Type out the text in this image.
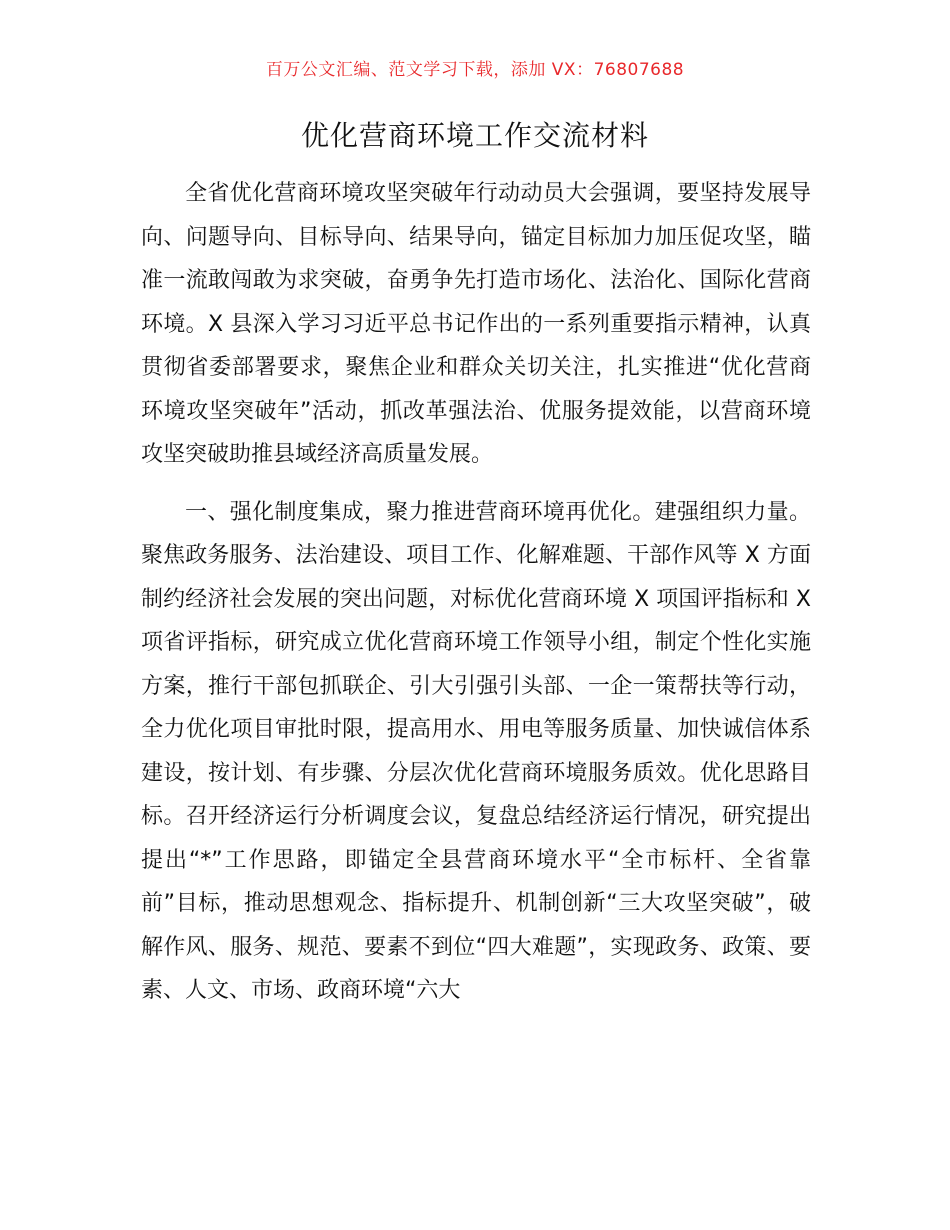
百万公文汇编、范文学习下载，添加 VX：76807688
优化营商环境工作交流材料

全省优化营商环境攻坚突破年行动动员大会强调，要坚持发展导向、问题导向、目标导向、结果导向，锚定目标加力加压促攻坚，瞄准一流敢闯敢为求突破，奋勇争先打造市场化、法治化、国际化营商环境。X 县深入学习习近平总书记作出的一系列重要指示精神，认真贯彻省委部署要求，聚焦企业和群众关切关注，扎实推进“优化营商环境攻坚突破年”活动，抓改革强法治、优服务提效能，以营商环境攻坚突破助推县域经济高质量发展。

一、强化制度集成，聚力推进营商环境再优化。建强组织力量。聚焦政务服务、法治建设、项目工作、化解难题、干部作风等 X 方面制约经济社会发展的突出问题，对标优化营商环境 X 项国评指标和 X 项省评指标，研究成立优化营商环境工作领导小组，制定个性化实施方案，推行干部包抓联企、引大引强引头部、一企一策帮扶等行动，全力优化项目审批时限，提高用水、用电等服务质量、加快诚信体系建设，按计划、有步骤、分层次优化营商环境服务质效。优化思路目标。召开经济运行分析调度会议，复盘总结经济运行情况，研究提出提出“*”工作思路，即锚定全县营商环境水平“全市标杆、全省靠前”目标，推动思想观念、指标提升、机制创新“三大攻坚突破”，破解作风、服务、规范、要素不到位“四大难题”，实现政务、政策、要素、人文、市场、政商环境“六大
